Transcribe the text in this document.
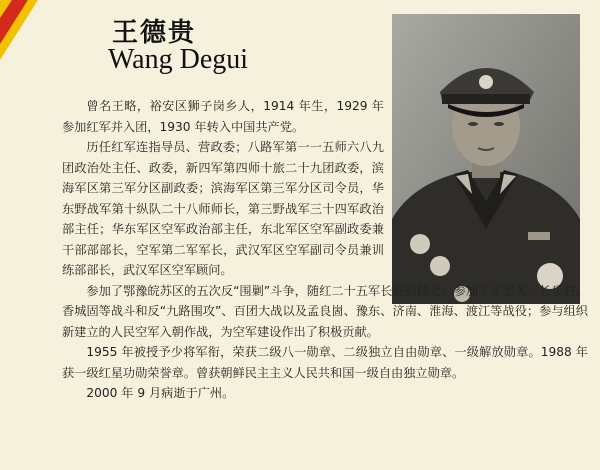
王德贵
Wang Degui

曾名王略，裕安区狮子岗乡人，1914 年生，1929 年参加红军并入团，1930 年转入中国共产党。

历任红军连指导员、营政委；八路军第一一五师六八九团政治处主任、政委，新四军第四师十旅二十九团政委，滨海军区第三军分区副政委；滨海军区第三军分区司令员，华东野战军第十纵队二十八师师长，第三野战军三十四军政治部主任；华东军区空军政治部主任，东北军区空军副政委兼干部部部长，空军第二军军长，武汉军区空军副司令员兼训练部部长，武汉军区空军顾问。

参加了鄂豫皖苏区的五次反“围剿”斗争，随红二十五军长征到陕北；参加了平型关、长乐村、香城固等战斗和反“九路围攻”、百团大战以及孟良崮、豫东、济南、淮海、渡江等战役；参与组织新建立的人民空军入朝作战，为空军建设作出了积极贡献。

1955 年被授予少将军衔，荣获二级八一勋章、二级独立自由勋章、一级解放勋章。1988 年获一级红星功勋荣誉章。曾获朝鲜民主主义人民共和国一级自由独立勋章。

2000 年 9 月病逝于广州。
